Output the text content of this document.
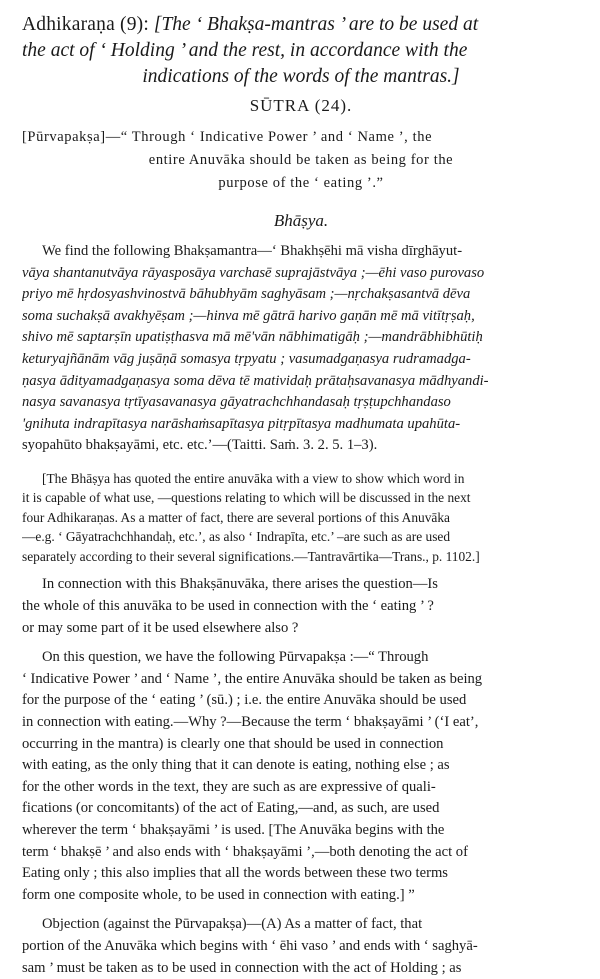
Adhikaraṇa (9): [The ‘ Bhakṣa-mantras ’ are to be used at
the act of ‘ Holding ’ and the rest, in accordance with the
indications of the words of the mantras.]
SŪTRA (24).
[Pūrvapakṣa]—“ Through ‘ Indicative Power ’ and ‘ Name ’, the
entire Anuvāka should be taken as being for the
purpose of the ‘ eating ’.”
Bhāṣya.
We find the following Bhakṣamantra—‘ Bhakhṣēhi mā visha dīrghāyut-
vāya shantanutvāya rāyasposāya varchasē suprajāstvāya ;—ēhi vaso purovaso
priyo mē hṛdosyashvinostvā bāhubhyām saghyāsam ;—nṛchakṣasantvā dēva
soma suchakṣā avakhyēṣam ;—hinva mē gātrā harivo gaṇān mē mā vitītṛṣaḥ,
shivo mē saptarṣīn upatiṣṭhasva mā mē'vān nābhimatigāḥ ;—mandrābhibhūtiḥ
keturyajñānām vāg juṣāṇā somasya tṛpyatu ; vasumadgaṇasya rudramadga-
ṇasya ādityamadgaṇasya soma dēva tē matividaḥ prātaḥsavanasya mādhyandi-
nasya savanasya tṛtīyasavanasya gāyatrachchhandasaḥ tṛṣṭupchhandaso
'gnihuta indrapītasya narāshaṁsapītasya pitṛpītasya madhumata upahūta-
syopahūto bhakṣayāmi, etc. etc.’—(Taitti. Saṁ. 3. 2. 5. 1–3).
[The Bhāṣya has quoted the entire anuvāka with a view to show which word in
it is capable of what use, —questions relating to which will be discussed in the next
four Adhikaraṇas. As a matter of fact, there are several portions of this Anuvāka
—e.g. ‘ Gāyatrachchhandaḥ, etc.’, as also ‘ Indrapīta, etc.’ –are such as are used
separately according to their several significations.—Tantravārtika—Trans., p. 1102.]
In connection with this Bhakṣānuvāka, there arises the question—Is
the whole of this anuvāka to be used in connection with the ‘ eating ’ ?
or may some part of it be used elsewhere also ?
On this question, we have the following Pūrvapakṣa :—“ Through
‘ Indicative Power ’ and ‘ Name ’, the entire Anuvāka should be taken as being
for the purpose of the ‘ eating ’ (sū.) ; i.e. the entire Anuvāka should be used
in connection with eating.—Why ?—Because the term ‘ bhakṣayāmi ’ (‘I eat’,
occurring in the mantra) is clearly one that should be used in connection
with eating, as the only thing that it can denote is eating, nothing else ; as
for the other words in the text, they are such as are expressive of quali-
fications (or concomitants) of the act of Eating,—and, as such, are used
wherever the term ‘ bhakṣayāmi ’ is used. [The Anuvāka begins with the
term ‘ bhakṣē ’ and also ends with ‘ bhakṣayāmi ’,—both denoting the act of
Eating only ; this also implies that all the words between these two terms
form one composite whole, to be used in connection with eating.] ”
Objection (against the Pūrvapakṣa)—(A) As a matter of fact, that
portion of the Anuvāka which begins with ‘ ēhi vaso ’ and ends with ‘ saghyā-
sam ’ must be taken as to be used in connection with the act of Holding ; as
